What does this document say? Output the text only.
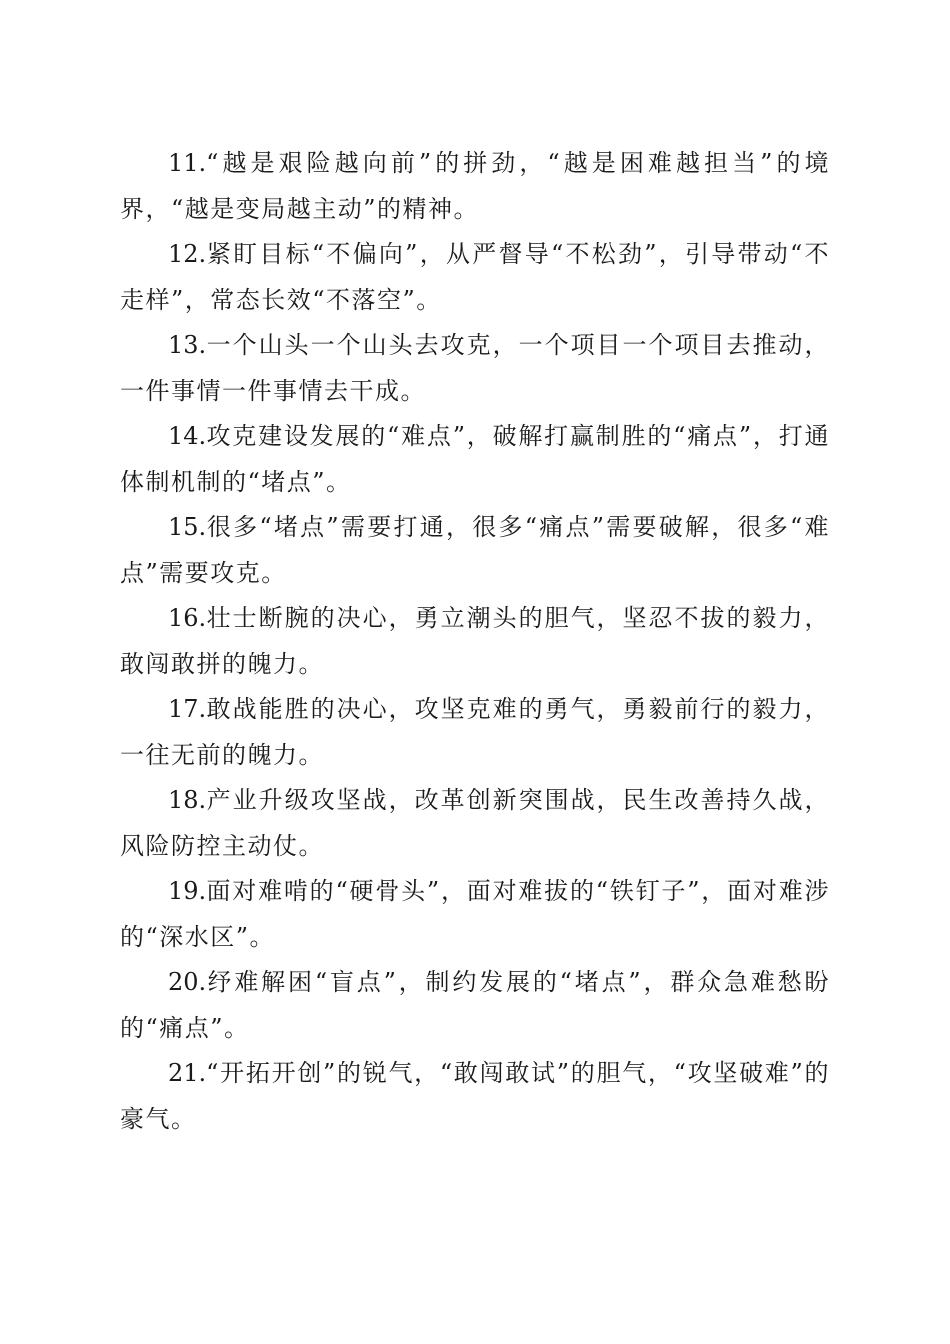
11.“越是艰险越向前”的拼劲，“越是困难越担当”的境界，“越是变局越主动”的精神。

12.紧盯目标“不偏向”，从严督导“不松劲”，引导带动“不走样”，常态长效“不落空”。

13.一个山头一个山头去攻克，一个项目一个项目去推动，一件事情一件事情去干成。

14.攻克建设发展的“难点”，破解打赢制胜的“痛点”，打通体制机制的“堵点”。

15.很多“堵点”需要打通，很多“痛点”需要破解，很多“难点”需要攻克。

16.壮士断腕的决心，勇立潮头的胆气，坚忍不拔的毅力，敢闯敢拼的魄力。

17.敢战能胜的决心，攻坚克难的勇气，勇毅前行的毅力，一往无前的魄力。

18.产业升级攻坚战，改革创新突围战，民生改善持久战，风险防控主动仗。

19.面对难啃的“硬骨头”，面对难拔的“铁钉子”，面对难涉的“深水区”。

20.纾难解困“盲点”，制约发展的“堵点”，群众急难愁盼的“痛点”。

21.“开拓开创”的锐气，“敢闯敢试”的胆气，“攻坚破难”的豪气。
